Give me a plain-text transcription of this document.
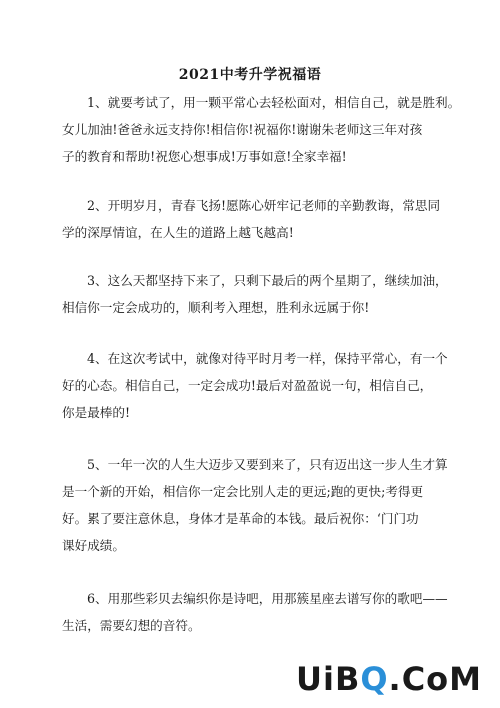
2021中考升学祝福语
1、就要考试了，用一颗平常心去轻松面对，相信自己，就是胜利。
女儿加油!爸爸永远支持你!相信你!祝福你!谢谢朱老师这三年对孩
子的教育和帮助!祝您心想事成!万事如意!全家幸福!
2、开明岁月，青春飞扬!愿陈心妍牢记老师的辛勤教诲，常思同
学的深厚情谊，在人生的道路上越飞越高!
3、这么天都坚持下来了，只剩下最后的两个星期了，继续加油，
相信你一定会成功的，顺利考入理想，胜利永远属于你!
4、在这次考试中，就像对待平时月考一样，保持平常心，有一个
好的心态。相信自己，一定会成功!最后对盈盈说一句，相信自己，
你是最棒的!
5、一年一次的人生大迈步又要到来了，只有迈出这一步人生才算
是一个新的开始，相信你一定会比别人走的更远;跑的更快;考得更
好。累了要注意休息，身体才是革命的本钱。最后祝你：‘门门功
课好成绩。
6、用那些彩贝去编织你是诗吧，用那簇星座去谱写你的歌吧——
生活，需要幻想的音符。
UiBQ.CoM
